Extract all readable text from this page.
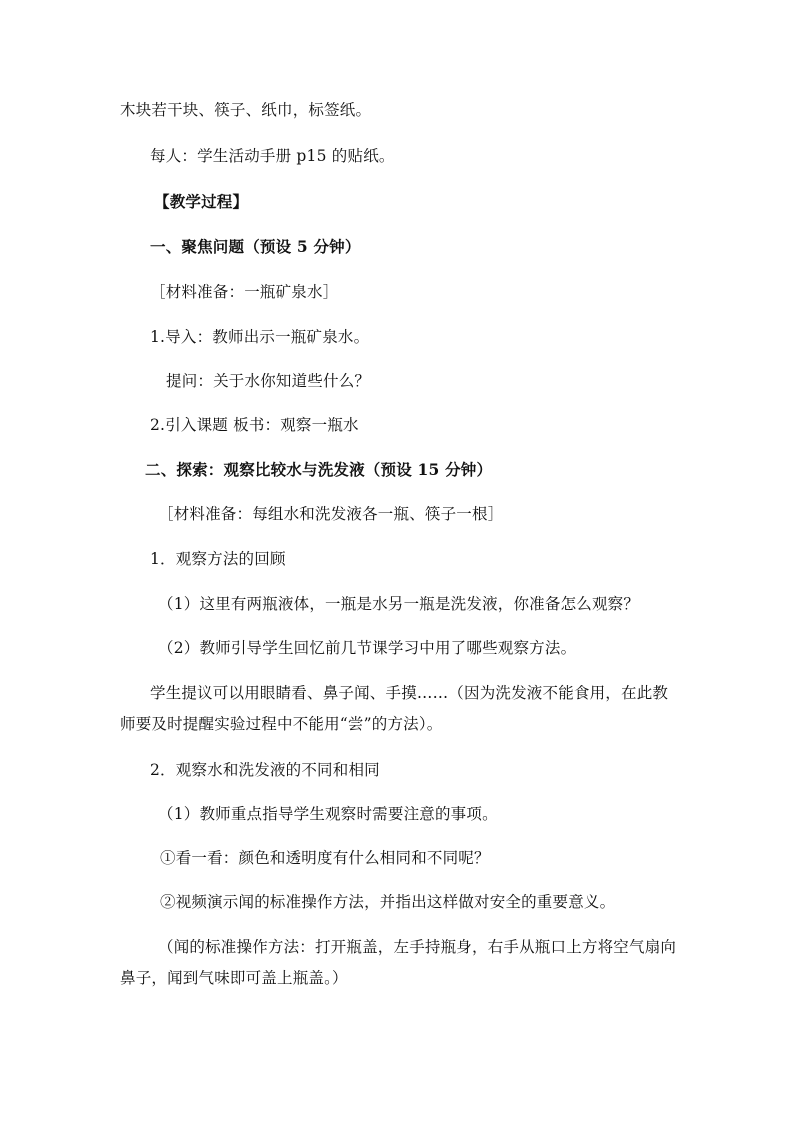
木块若干块、筷子、纸巾，标签纸。
每人：学生活动手册 p15 的贴纸。
【教学过程】
一、聚焦问题（预设 5 分钟）
［材料准备：一瓶矿泉水］
1.导入：教师出示一瓶矿泉水。
提问：关于水你知道些什么？
2.引入课题 板书：观察一瓶水
二、探索：观察比较水与洗发液（预设 15 分钟）
［材料准备：每组水和洗发液各一瓶、筷子一根］
1．观察方法的回顾
（1）这里有两瓶液体，一瓶是水另一瓶是洗发液，你准备怎么观察？
（2）教师引导学生回忆前几节课学习中用了哪些观察方法。
学生提议可以用眼睛看、鼻子闻、手摸……（因为洗发液不能食用，在此教
师要及时提醒实验过程中不能用“尝”的方法）。
2．观察水和洗发液的不同和相同
（1）教师重点指导学生观察时需要注意的事项。
①看一看：颜色和透明度有什么相同和不同呢？
②视频演示闻的标准操作方法，并指出这样做对安全的重要意义。
（闻的标准操作方法：打开瓶盖，左手持瓶身，右手从瓶口上方将空气扇向
鼻子，闻到气味即可盖上瓶盖。）
